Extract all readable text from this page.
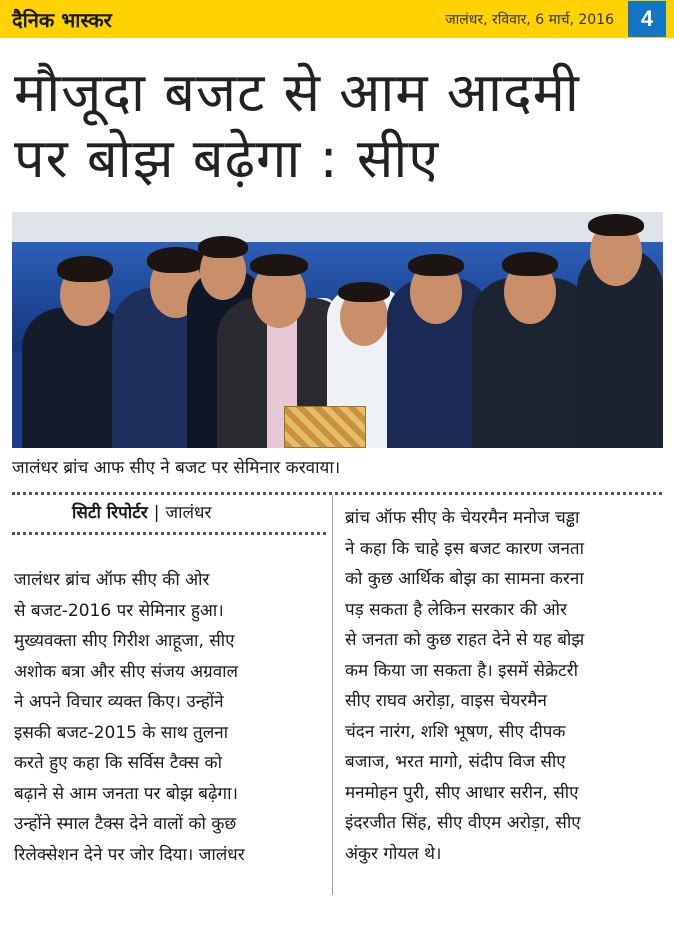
दैनिक भास्कर	जालंधर, रविवार, 6 मार्च, 2016	4
मौजूदा बजट से आम आदमी
पर बोझ बढ़ेगा : सीए
जालंधर ब्रांच आफ सीए ने बजट पर सेमिनार करवाया।
सिटी रिपोर्टर | जालंधर
जालंधर ब्रांच ऑफ सीए की ओर
से बजट-2016 पर सेमिनार हुआ।
मुख्यवक्ता सीए गिरीश आहूजा, सीए
अशोक बत्रा और सीए संजय अग्रवाल
ने अपने विचार व्यक्त किए। उन्होंने
इसकी बजट-2015 के साथ तुलना
करते हुए कहा कि सर्विस टैक्स को
बढ़ाने से आम जनता पर बोझ बढ़ेगा।
उन्होंने स्माल टैक्स देने वालों को कुछ
रिलेक्सेशन देने पर जोर दिया। जालंधर
ब्रांच ऑफ सीए के चेयरमैन मनोज चड्ढा
ने कहा कि चाहे इस बजट कारण जनता
को कुछ आर्थिक बोझ का सामना करना
पड़ सकता है लेकिन सरकार की ओर
से जनता को कुछ राहत देने से यह बोझ
कम किया जा सकता है। इसमें सेक्रेटरी
सीए राघव अरोड़ा, वाइस चेयरमैन
चंदन नारंग, शशि भूषण, सीए दीपक
बजाज, भरत मागो, संदीप विज सीए
मनमोहन पुरी, सीए आधार सरीन, सीए
इंदरजीत सिंह, सीए वीएम अरोड़ा, सीए
अंकुर गोयल थे।
